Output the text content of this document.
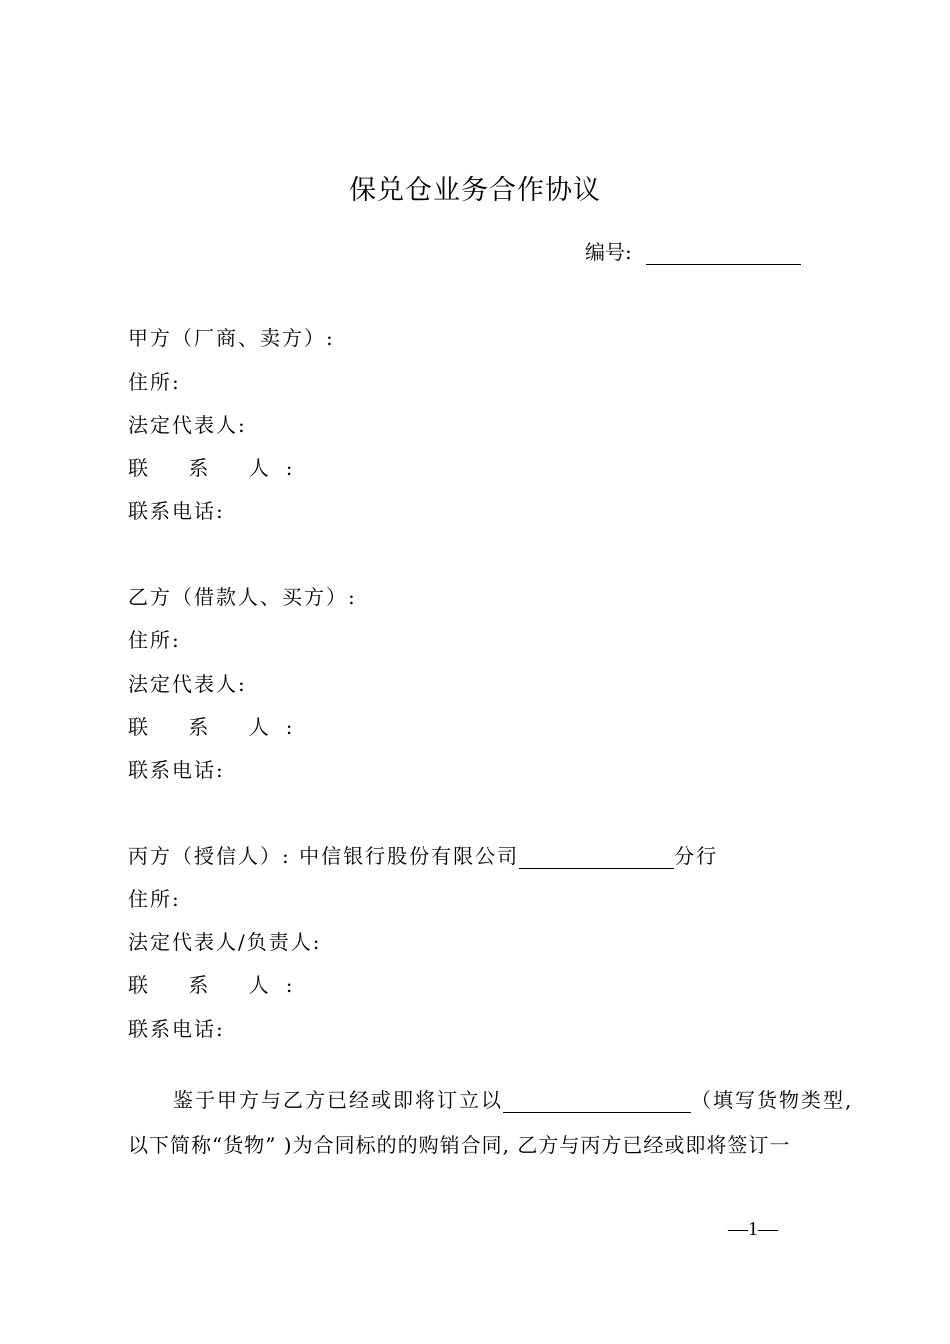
保兑仓业务合作协议
编号:
甲方（厂商、卖方）:
住所:
法定代表人:
联 系 人:
联系电话:
乙方（借款人、买方）:
住所:
法定代表人:
联 系 人:
联系电话:
丙方（授信人）: 中信银行股份有限公司	分行
住所:
法定代表人/负责人:
联 系 人:
联系电话:
鉴于甲方与乙方已经或即将订立以	（填写货物类型,
以下简称“货物” )为合同标的的购销合同, 乙方与丙方已经或即将签订一
—1—
